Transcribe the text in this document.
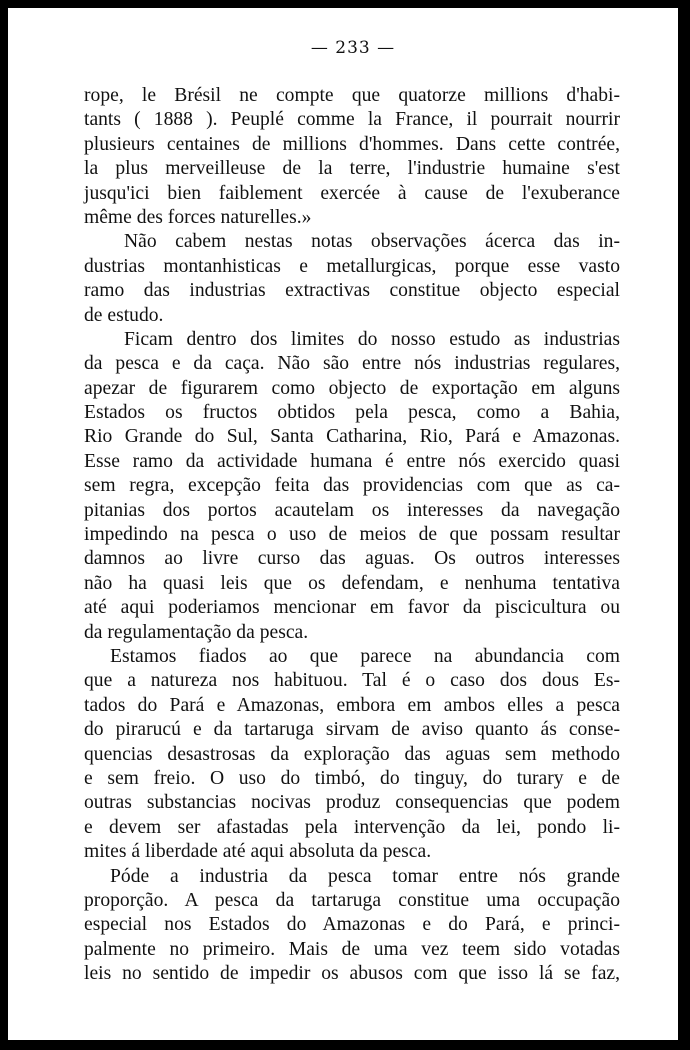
— 233 —
rope, le Brésil ne compte que quatorze millions d'habi-
tants ( 1888 ). Peuplé comme la France, il pourrait nourrir
plusieurs centaines de millions d'hommes. Dans cette contrée,
la plus merveilleuse de la terre, l'industrie humaine s'est
jusqu'ici bien faiblement exercée à cause de l'exuberance
même des forces naturelles.»
Não cabem nestas notas observações ácerca das in-
dustrias montanhisticas e metallurgicas, porque esse vasto
ramo das industrias extractivas constitue objecto especial
de estudo.
Ficam dentro dos limites do nosso estudo as industrias
da pesca e da caça. Não são entre nós industrias regulares,
apezar de figurarem como objecto de exportação em alguns
Estados os fructos obtidos pela pesca, como a Bahia,
Rio Grande do Sul, Santa Catharina, Rio, Pará e Amazonas.
Esse ramo da actividade humana é entre nós exercido quasi
sem regra, excepção feita das providencias com que as ca-
pitanias dos portos acautelam os interesses da navegação
impedindo na pesca o uso de meios de que possam resultar
damnos ao livre curso das aguas. Os outros interesses
não ha quasi leis que os defendam, e nenhuma tentativa
até aqui poderiamos mencionar em favor da piscicultura ou
da regulamentação da pesca.
Estamos fiados ao que parece na abundancia com
que a natureza nos habituou. Tal é o caso dos dous Es-
tados do Pará e Amazonas, embora em ambos elles a pesca
do pirarucú e da tartaruga sirvam de aviso quanto ás conse-
quencias desastrosas da exploração das aguas sem methodo
e sem freio. O uso do timbó, do tinguy, do turary e de
outras substancias nocivas produz consequencias que podem
e devem ser afastadas pela intervenção da lei, pondo li-
mites á liberdade até aqui absoluta da pesca.
Póde a industria da pesca tomar entre nós grande
proporção. A pesca da tartaruga constitue uma occupação
especial nos Estados do Amazonas e do Pará, e princi-
palmente no primeiro. Mais de uma vez teem sido votadas
leis no sentido de impedir os abusos com que isso lá se faz,
